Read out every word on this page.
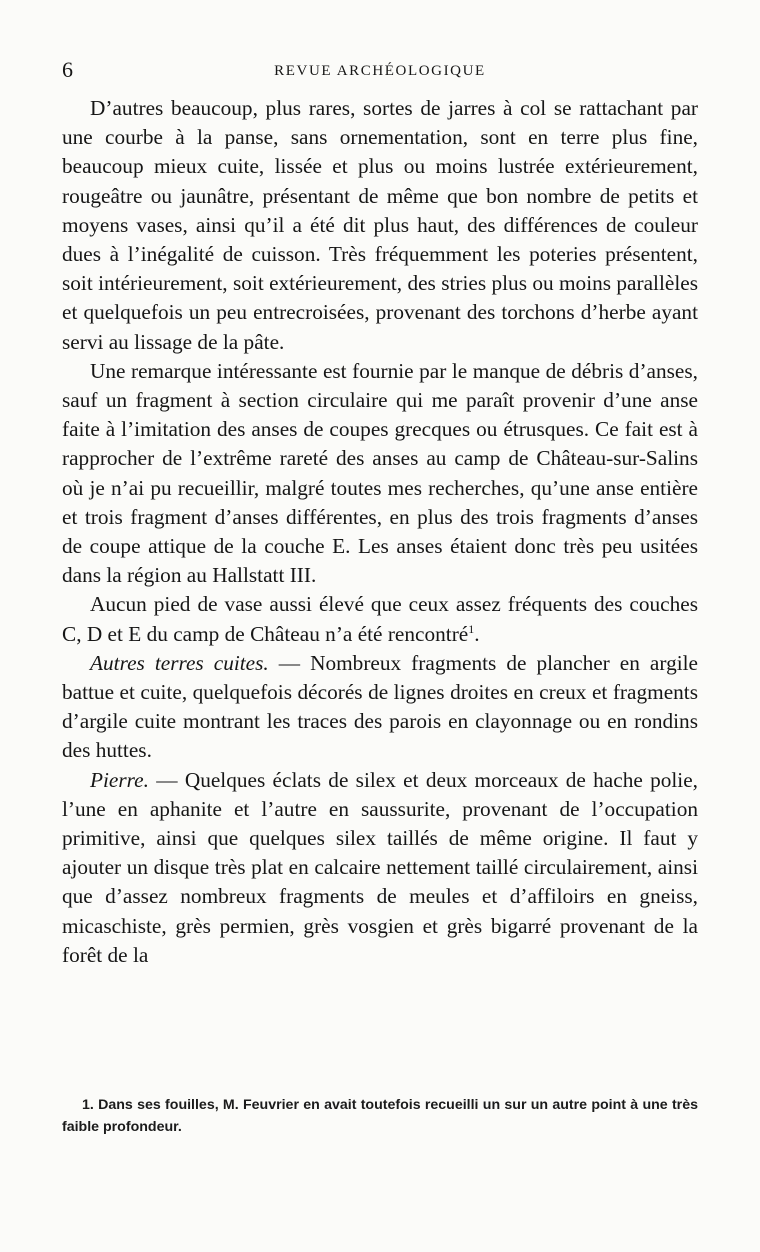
6	REVUE ARCHÉOLOGIQUE

D’autres beaucoup, plus rares, sortes de jarres à col se rattachant par une courbe à la panse, sans ornementation, sont en terre plus fine, beaucoup mieux cuite, lissée et plus ou moins lustrée extérieurement, rougeâtre ou jaunâtre, présentant de même que bon nombre de petits et moyens vases, ainsi qu’il a été dit plus haut, des différences de couleur dues à l’inégalité de cuisson. Très fréquemment les poteries présentent, soit intérieurement, soit extérieurement, des stries plus ou moins parallèles et quelquefois un peu entrecroisées, provenant des torchons d’herbe ayant servi au lissage de la pâte.

Une remarque intéressante est fournie par le manque de débris d’anses, sauf un fragment à section circulaire qui me paraît provenir d’une anse faite à l’imitation des anses de coupes grecques ou étrusques. Ce fait est à rapprocher de l’extrême rareté des anses au camp de Château-sur-Salins où je n’ai pu recueillir, malgré toutes mes recherches, qu’une anse entière et trois fragment d’anses différentes, en plus des trois fragments d’anses de coupe attique de la couche E. Les anses étaient donc très peu usitées dans la région au Hallstatt III.

Aucun pied de vase aussi élevé que ceux assez fréquents des couches C, D et E du camp de Château n’a été rencontré$^1$.

Autres terres cuites. — Nombreux fragments de plancher en argile battue et cuite, quelquefois décorés de lignes droites en creux et fragments d’argile cuite montrant les traces des parois en clayonnage ou en rondins des huttes.

Pierre. — Quelques éclats de silex et deux morceaux de hache polie, l’une en aphanite et l’autre en saussurite, provenant de l’occupation primitive, ainsi que quelques silex taillés de même origine. Il faut y ajouter un disque très plat en calcaire nettement taillé circulairement, ainsi que d’assez nombreux fragments de meules et d’affiloirs en gneiss, micaschiste, grès permien, grès vosgien et grès bigarré provenant de la forêt de la

1. Dans ses fouilles, M. Feuvrier en avait toutefois recueilli un sur un autre point à une très faible profondeur.
